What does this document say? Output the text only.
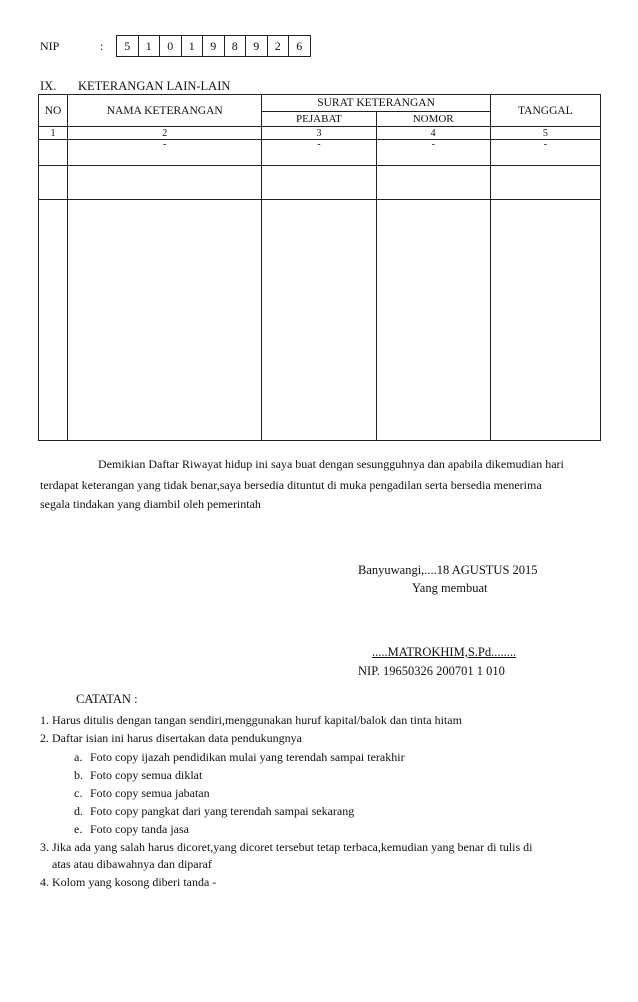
NIP	:	5	1	0	1	9	8	9	2	6
IX. KETERANGAN LAIN-LAIN
NO	NAMA KETERANGAN	SURAT KETERANGAN		TANGGAL
		PEJABAT	NOMOR	
1	2	3	4	5
	-	-	-	-

Demikian Daftar Riwayat hidup ini saya buat dengan sesungguhnya dan apabila dikemudian hari
terdapat keterangan yang tidak benar,saya bersedia dituntut di muka pengadilan serta bersedia menerima
segala tindakan yang diambil oleh pemerintah
Banyuwangi,....18 AGUSTUS 2015
Yang membuat
.....MATROKHIM,S.Pd........
NIP. 19650326 200701 1 010
CATATAN :
1. Harus ditulis dengan tangan sendiri,menggunakan huruf kapital/balok dan tinta hitam
2. Daftar isian ini harus disertakan data pendukungnya
a. Foto copy ijazah pendidikan mulai yang terendah sampai terakhir
b. Foto copy semua diklat
c. Foto copy semua jabatan
d. Foto copy pangkat dari yang terendah sampai sekarang
e. Foto copy tanda jasa
3. Jika ada yang salah harus dicoret,yang dicoret tersebut tetap terbaca,kemudian yang benar di tulis di
atas atau dibawahnya dan diparaf
4. Kolom yang kosong diberi tanda -
